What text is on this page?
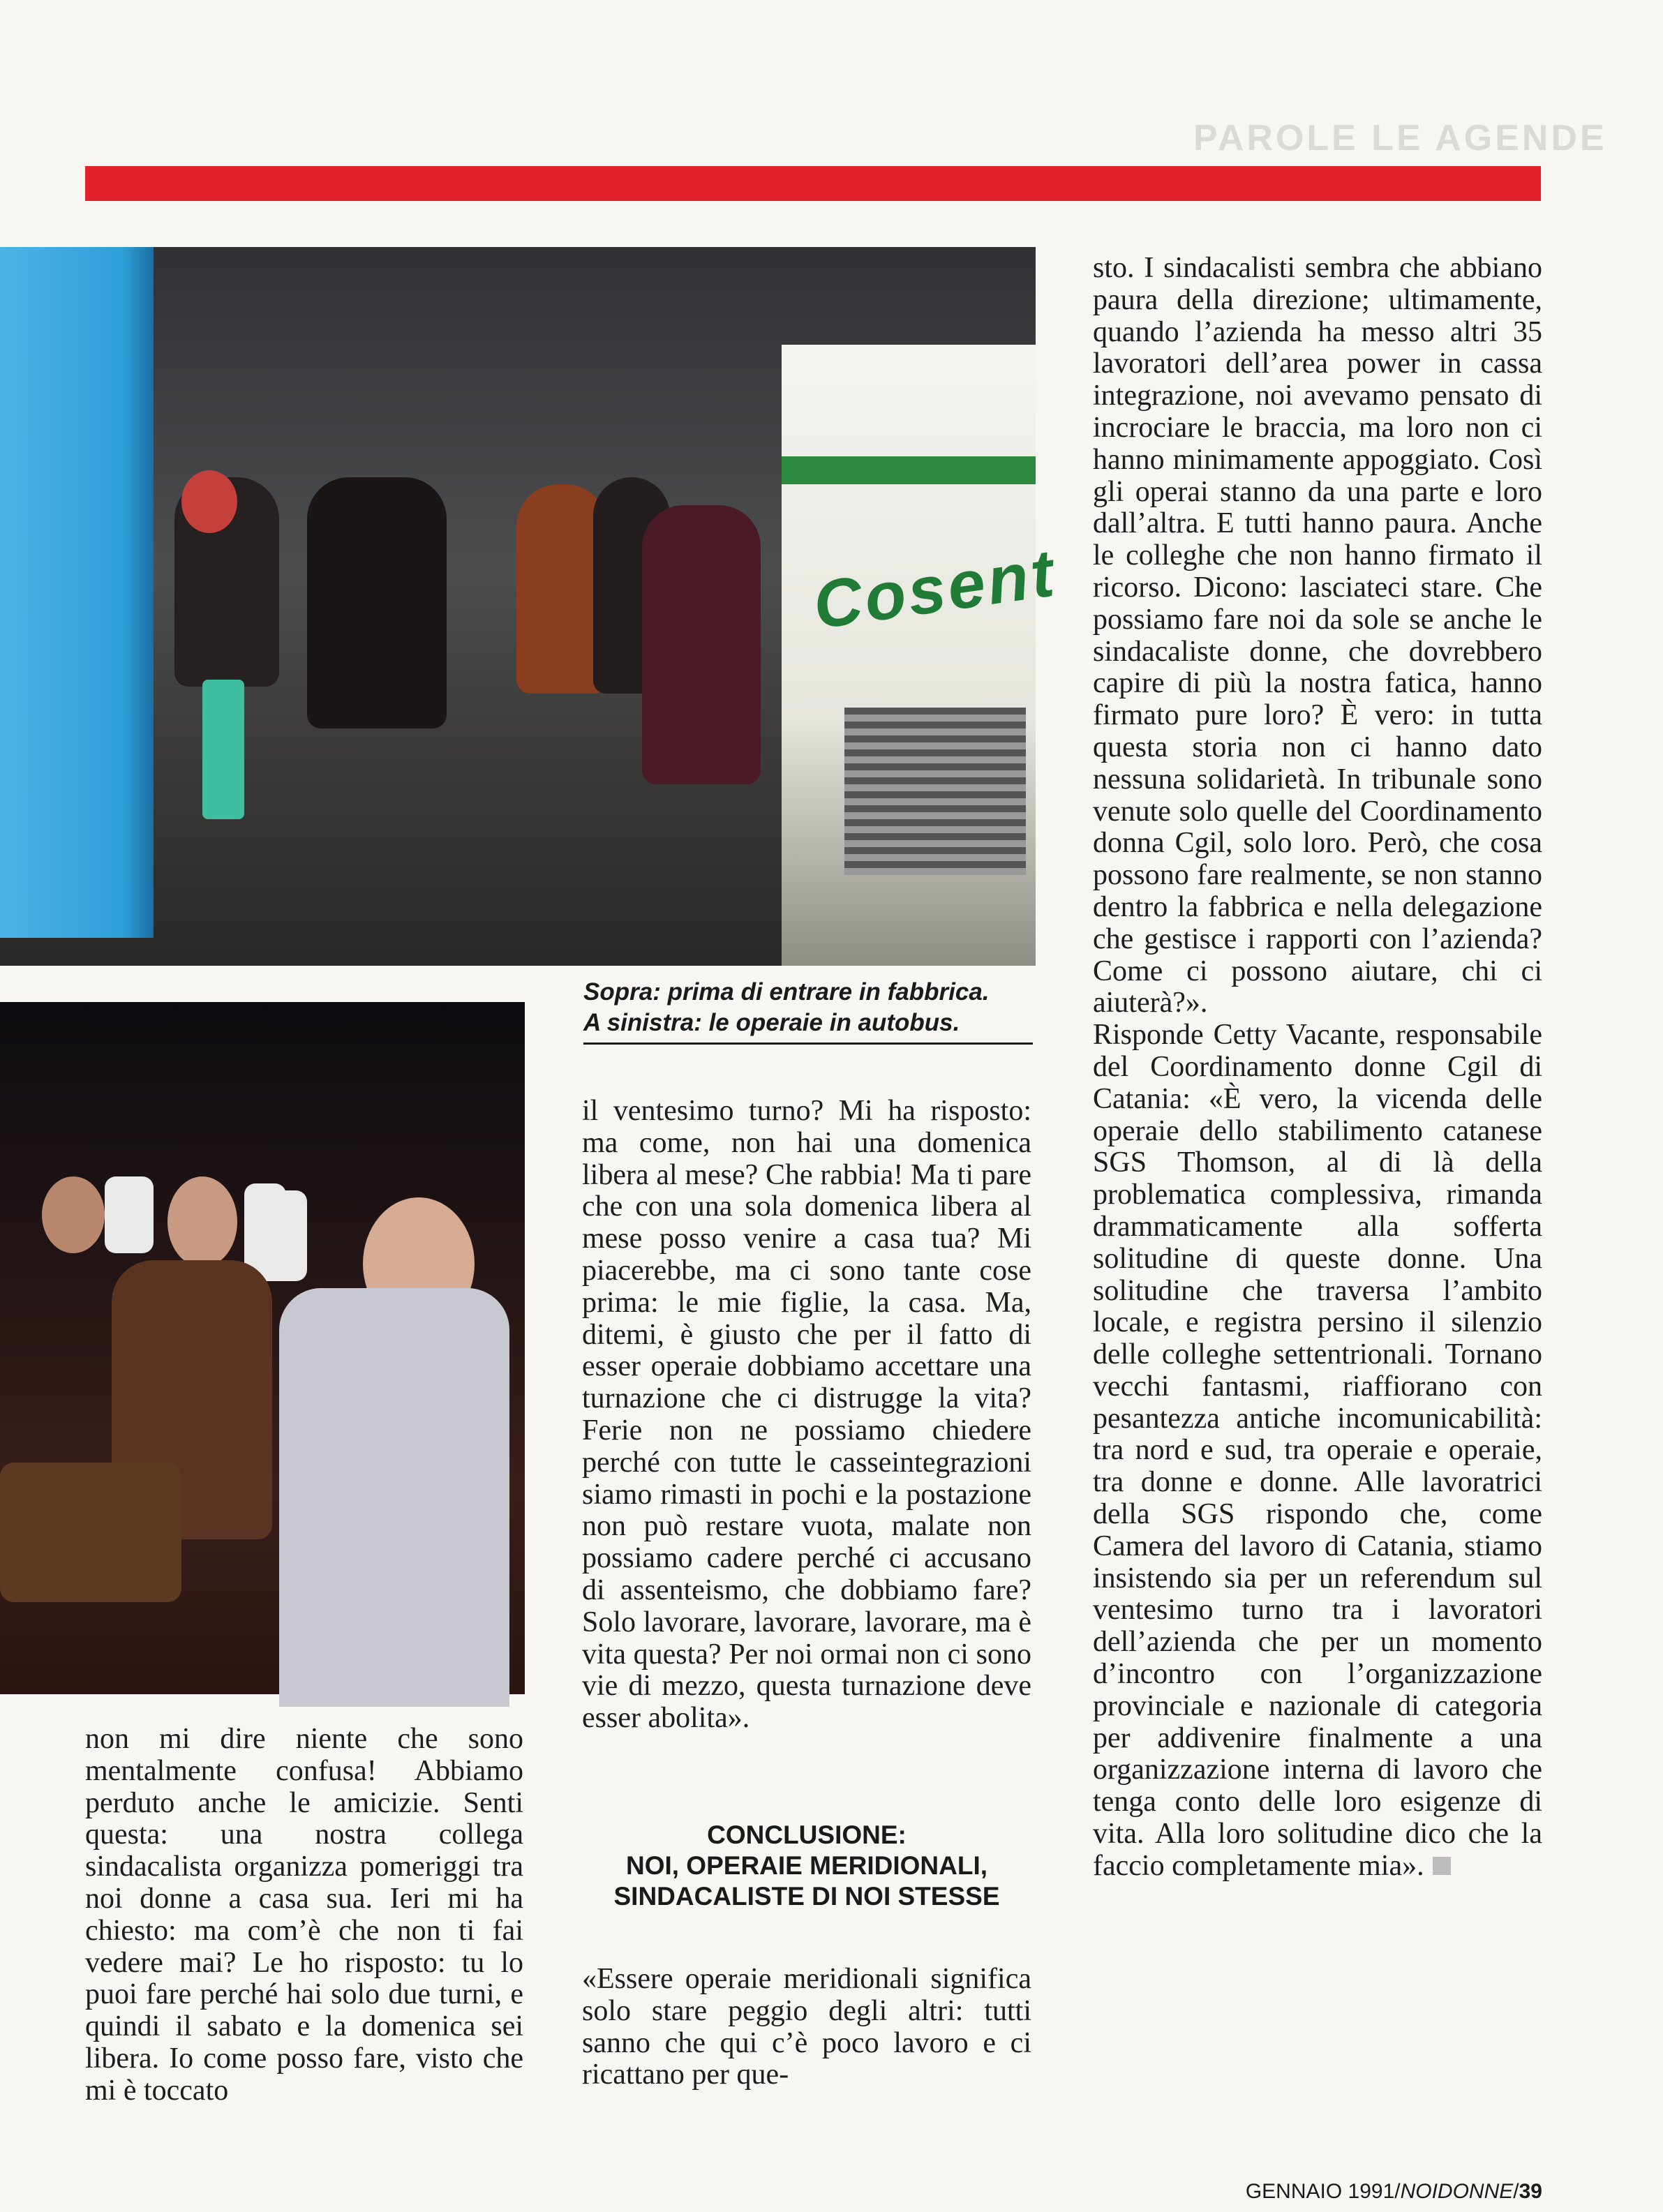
PAROLE LE AGENDE
Cosent
Sopra: prima di entrare in fabbrica.
A sinistra: le operaie in autobus.

sto. I sindacalisti sembra che abbiano paura della direzione; ultimamente, quando l’azienda ha messo altri 35 lavoratori dell’area power in cassa integrazione, noi avevamo pensato di incrociare le braccia, ma loro non ci hanno minimamente appoggiato. Così gli operai stanno da una parte e loro dall’altra. E tutti hanno paura. Anche le colleghe che non hanno firmato il ricorso. Dicono: lasciateci stare. Che possiamo fare noi da sole se anche le sindacaliste donne, che dovrebbero capire di più la nostra fatica, hanno firmato pure loro? È vero: in tutta questa storia non ci hanno dato nessuna solidarietà. In tribunale sono venute solo quelle del Coordinamento donna Cgil, solo loro. Però, che cosa possono fare realmente, se non stanno dentro la fabbrica e nella delegazione che gestisce i rapporti con l’azienda? Come ci possono aiutare, chi ci aiuterà?».

Risponde Cetty Vacante, responsabile del Coordinamento donne Cgil di Catania: «È vero, la vicenda delle operaie dello stabilimento catanese SGS Thomson, al di là della problematica complessiva, rimanda drammaticamente alla sofferta solitudine di queste donne. Una solitudine che traversa l’ambito locale, e registra persino il silenzio delle colleghe settentrionali. Tornano vecchi fantasmi, riaffiorano con pesantezza antiche incomunicabilità: tra nord e sud, tra operaie e operaie, tra donne e donne. Alle lavoratrici della SGS rispondo che, come Camera del lavoro di Catania, stiamo insistendo sia per un referendum sul ventesimo turno tra i lavoratori dell’azienda che per un momento d’incontro con l’organizzazione provinciale e nazionale di categoria per addivenire finalmente a una organizzazione interna di lavoro che tenga conto delle loro esigenze di vita. Alla loro solitudine dico che la faccio completamente mia».

il ventesimo turno? Mi ha risposto: ma come, non hai una domenica libera al mese? Che rabbia! Ma ti pare che con una sola domenica libera al mese posso venire a casa tua? Mi piacerebbe, ma ci sono tante cose prima: le mie figlie, la casa. Ma, ditemi, è giusto che per il fatto di esser operaie dobbiamo accettare una turnazione che ci distrugge la vita? Ferie non ne possiamo chiedere perché con tutte le casseintegrazioni siamo rimasti in pochi e la postazione non può restare vuota, malate non possiamo cadere perché ci accusano di assenteismo, che dobbiamo fare? Solo lavorare, lavorare, lavorare, ma è vita questa? Per noi ormai non ci sono vie di mezzo, questa turnazione deve esser abolita».

CONCLUSIONE:
NOI, OPERAIE MERIDIONALI,
SINDACALISTE DI NOI STESSE

«Essere operaie meridionali significa solo stare peggio degli altri: tutti sanno che qui c’è poco lavoro e ci ricattano per que-

non mi dire niente che sono mentalmente confusa! Abbiamo perduto anche le amicizie. Senti questa: una nostra collega sindacalista organizza pomeriggi tra noi donne a casa sua. Ieri mi ha chiesto: ma com’è che non ti fai vedere mai? Le ho risposto: tu lo puoi fare perché hai solo due turni, e quindi il sabato e la domenica sei libera. Io come posso fare, visto che mi è toccato

GENNAIO 1991/NOIDONNE/39
